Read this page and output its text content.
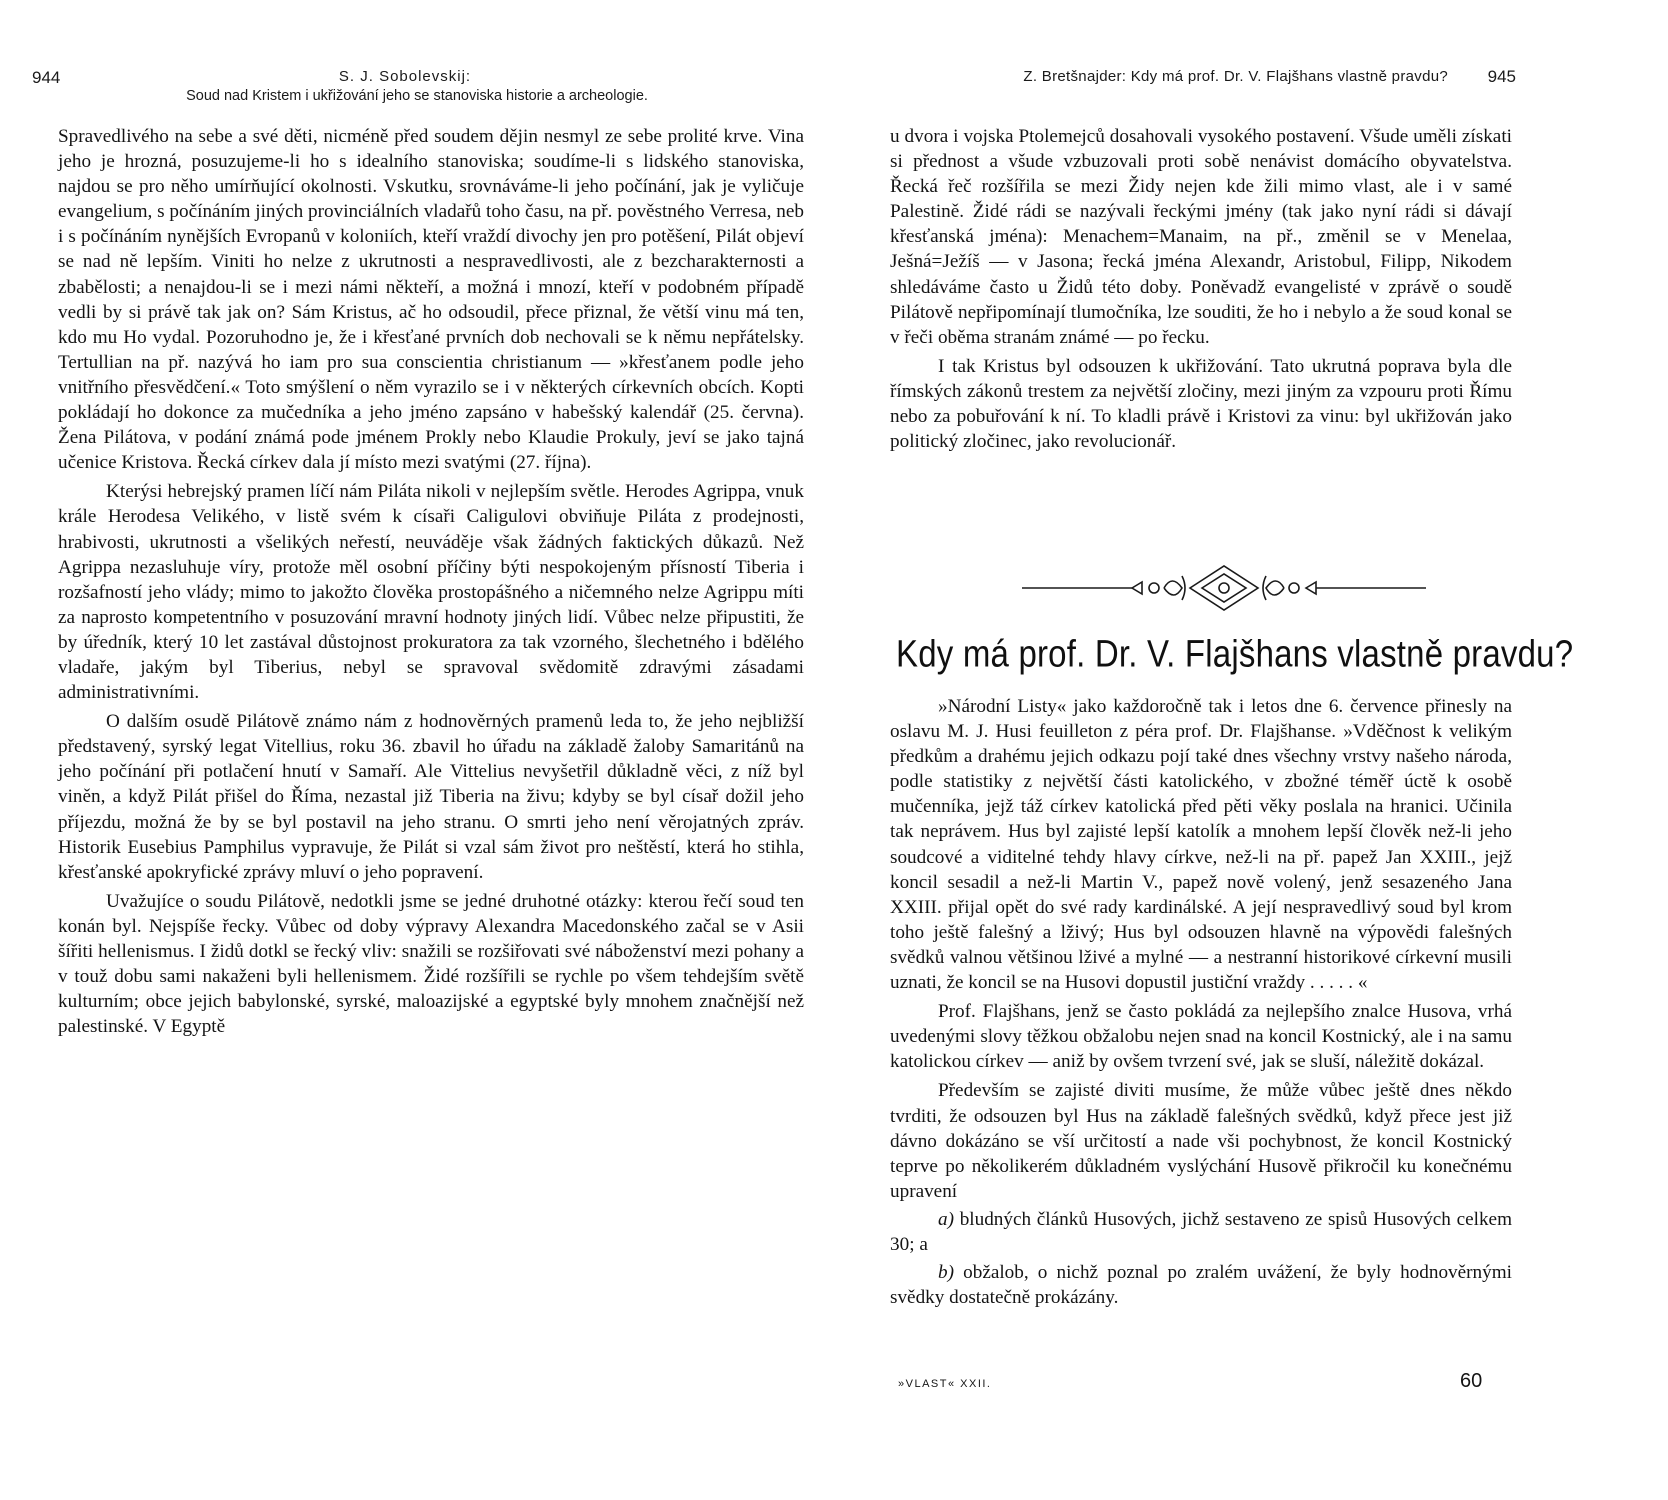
944	S. J. Sobolevskij:
Soud nad Kristem i ukřižování jeho se stanoviska historie a archeologie.

Spravedlivého na sebe a své děti, nicméně před soudem dějin nesmyl ze sebe prolité krve. Vina jeho je hrozná, posuzujeme-li ho s idealního stanoviska; soudíme-li s lidského stanoviska, najdou se pro něho umírňující okolnosti. Vskutku, srovnáváme-li jeho počínání, jak je vyličuje evangelium, s počínáním jiných provinciálních vladařů toho času, na př. pověstného Verresa, neb i s počínáním nynějších Evropanů v koloniích, kteří vraždí divochy jen pro potěšení, Pilát objeví se nad ně lepším. Viniti ho nelze z ukrutnosti a nespravedlivosti, ale z bezcharakternosti a zbabělosti; a nenajdou-li se i mezi námi někteří, a možná i mnozí, kteří v podobném případě vedli by si právě tak jak on? Sám Kristus, ač ho odsoudil, přece přiznal, že větší vinu má ten, kdo mu Ho vydal. Pozoruhodno je, že i křesťané prvních dob nechovali se k němu nepřátelsky. Tertullian na př. nazývá ho iam pro sua conscientia christianum — »křesťanem podle jeho vnitřního přesvědčení.« Toto smýšlení o něm vyrazilo se i v některých církevních obcích. Kopti pokládají ho dokonce za mučedníka a jeho jméno zapsáno v habešský kalendář (25. června). Žena Pilátova, v podání známá pode jménem Prokly nebo Klaudie Prokuly, jeví se jako tajná učenice Kristova. Řecká církev dala jí místo mezi svatými (27. října).

Kterýsi hebrejský pramen líčí nám Piláta nikoli v nejlepším světle. Herodes Agrippa, vnuk krále Herodesa Velikého, v listě svém k císaři Caligulovi obviňuje Piláta z prodejnosti, hrabivosti, ukrutnosti a všelikých neřestí, neuváděje však žádných faktických důkazů. Než Agrippa nezasluhuje víry, protože měl osobní příčiny býti nespokojeným přísností Tiberia i rozšafností jeho vlády; mimo to jakožto člověka prostopášného a ničemného nelze Agrippu míti za naprosto kompetentního v posuzování mravní hodnoty jiných lidí. Vůbec nelze připustiti, že by úředník, který 10 let zastával důstojnost prokuratora za tak vzorného, šlechetného i bdělého vladaře, jakým byl Tiberius, nebyl se spravoval svědomitě zdravými zásadami administrativními.

O dalším osudě Pilátově známo nám z hodnověrných pramenů leda to, že jeho nejbližší představený, syrský legat Vitellius, roku 36. zbavil ho úřadu na základě žaloby Samaritánů na jeho počínání při potlačení hnutí v Samaří. Ale Vittelius nevyšetřil důkladně věci, z níž byl viněn, a když Pilát přišel do Říma, nezastal již Tiberia na živu; kdyby se byl císař dožil jeho příjezdu, možná že by se byl postavil na jeho stranu. O smrti jeho není věrojatných zpráv. Historik Eusebius Pamphilus vypravuje, že Pilát si vzal sám život pro neštěstí, která ho stihla, křesťanské apokryfické zprávy mluví o jeho popravení.

Uvažujíce o soudu Pilátově, nedotkli jsme se jedné druhotné otázky: kterou řečí soud ten konán byl. Nejspíše řecky. Vůbec od doby výpravy Alexandra Macedonského začal se v Asii šířiti hellenismus. I židů dotkl se řecký vliv: snažili se rozšiřovati své náboženství mezi pohany a v touž dobu sami nakaženi byli hellenismem. Židé rozšířili se rychle po všem tehdejším světě kulturním; obce jejich babylonské, syrské, maloazijské a egyptské byly mnohem značnější než palestinské. V Egyptě

Z. Bretšnajder: Kdy má prof. Dr. V. Flajšhans vlastně pravdu? 945

u dvora i vojska Ptolemejců dosahovali vysokého postavení. Všude uměli získati si přednost a všude vzbuzovali proti sobě nenávist domácího obyvatelstva. Řecká řeč rozšířila se mezi Židy nejen kde žili mimo vlast, ale i v samé Palestině. Židé rádi se nazývali řeckými jmény (tak jako nyní rádi si dávají křesťanská jména): Menachem=Manaim, na př., změnil se v Menelaa, Ješná=Ježíš — v Jasona; řecká jména Alexandr, Aristobul, Filipp, Nikodem shledáváme často u Židů této doby. Poněvadž evangelisté v zprávě o soudě Pilátově nepřipomínají tlumočníka, lze souditi, že ho i nebylo a že soud konal se v řeči oběma stranám známé — po řecku.

I tak Kristus byl odsouzen k ukřižování. Tato ukrutná poprava byla dle římských zákonů trestem za největší zločiny, mezi jiným za vzpouru proti Římu nebo za pobuřování k ní. To kladli právě i Kristovi za vinu: byl ukřižován jako politický zločinec, jako revolucionář.

Kdy má prof. Dr. V. Flajšhans vlastně pravdu?

»Národní Listy« jako každoročně tak i letos dne 6. července přinesly na oslavu M. J. Husi feuilleton z péra prof. Dr. Flajšhanse. »Vděčnost k velikým předkům a drahému jejich odkazu pojí také dnes všechny vrstvy našeho národa, podle statistiky z největší části katolického, v zbožné téměř úctě k osobě mučenníka, jejž táž církev katolická před pěti věky poslala na hranici. Učinila tak neprávem. Hus byl zajisté lepší katolík a mnohem lepší člověk než-li jeho soudcové a viditelné tehdy hlavy církve, než-li na př. papež Jan XXIII., jejž koncil sesadil a než-li Martin V., papež nově volený, jenž sesazeného Jana XXIII. přijal opět do své rady kardinálské. A její nespravedlivý soud byl krom toho ještě falešný a lživý; Hus byl odsouzen hlavně na výpovědi falešných svědků valnou většinou lživé a mylné — a nestranní historikové církevní musili uznati, že koncil se na Husovi dopustil justiční vraždy . . . . . «

Prof. Flajšhans, jenž se často pokládá za nejlepšího znalce Husova, vrhá uvedenými slovy těžkou obžalobu nejen snad na koncil Kostnický, ale i na samu katolickou církev — aniž by ovšem tvrzení své, jak se sluší, náležitě dokázal.

Především se zajisté diviti musíme, že může vůbec ještě dnes někdo tvrditi, že odsouzen byl Hus na základě falešných svědků, když přece jest již dávno dokázáno se vší určitostí a nade vši pochybnost, že koncil Kostnický teprve po několikerém důkladném vyslýchání Husově přikročil ku konečnému upravení

a) bludných článků Husových, jichž sestaveno ze spisů Husových celkem 30; a

b) obžalob, o nichž poznal po zralém uvážení, že byly hodnověrnými svědky dostatečně prokázány.

»VLAST« XXII.	60
